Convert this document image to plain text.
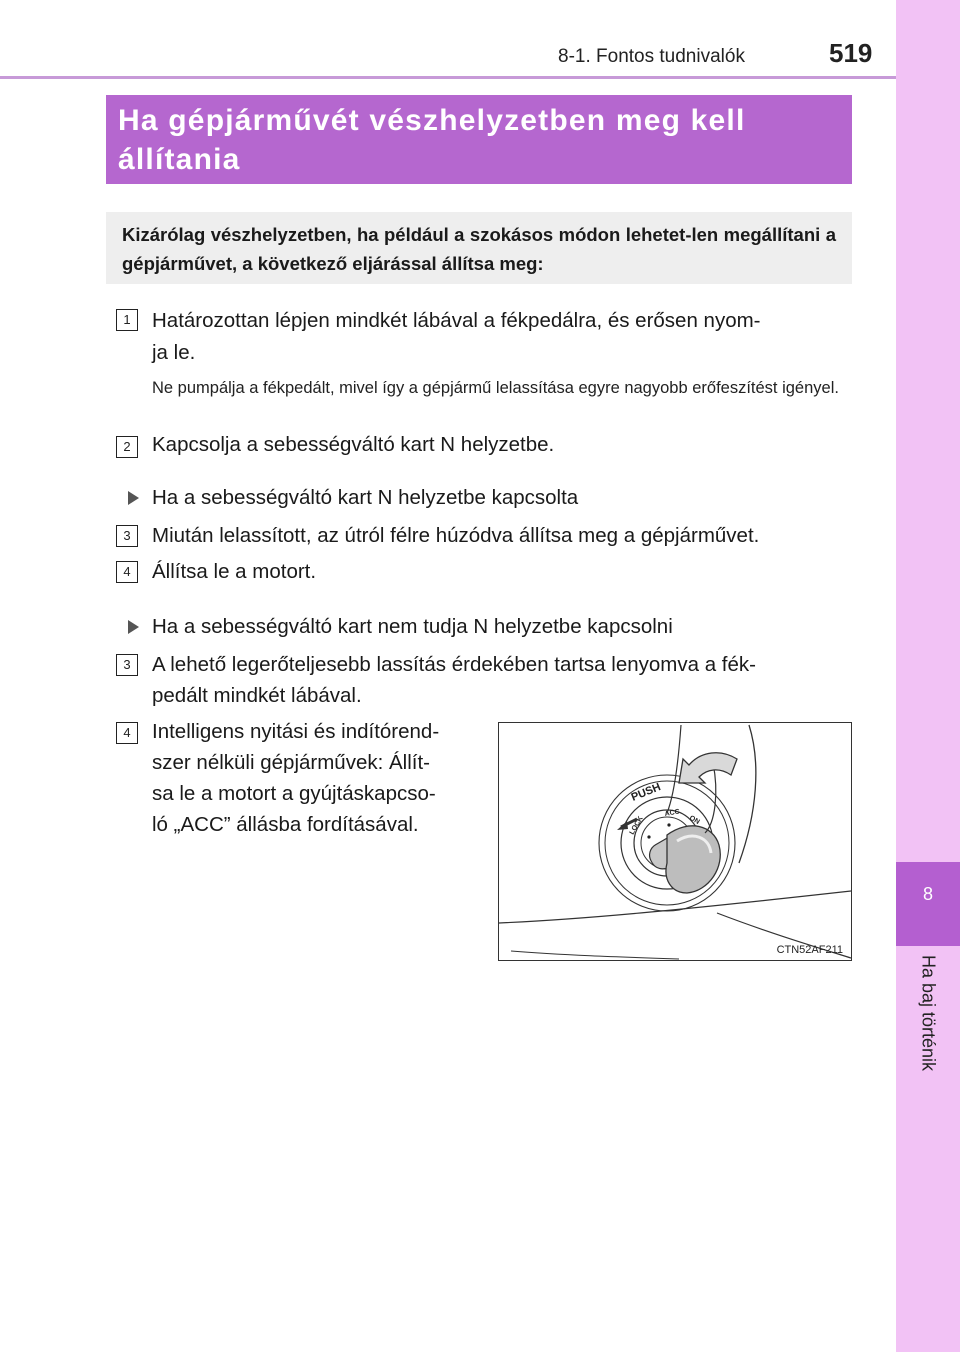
8-1. Fontos tudnivalók	519
8
Ha baj történik
Ha gépjárművét vészhelyzetben meg kell állítania
Kizárólag vészhelyzetben, ha például a szokásos módon lehetet-len megállítani a gépjárművet, a következő eljárással állítsa meg:
1	Határozottan lépjen mindkét lábával a fékpedálra, és erősen nyom-
ja le.
Ne pumpálja a fékpedált, mivel így a gépjármű lelassítása egyre nagyobb erőfeszítést igényel.
2	Kapcsolja a sebességváltó kart N helyzetbe.
Ha a sebességváltó kart N helyzetbe kapcsolta
3	Miután lelassított, az útról félre húzódva állítsa meg a gépjárművet.
4	Állítsa le a motort.
Ha a sebességváltó kart nem tudja N helyzetbe kapcsolni
3	A lehető legerőteljesebb lassítás érdekében tartsa lenyomva a fék-
pedált mindkét lábával.
4	Intelligens nyitási és indítórend-
szer nélküli gépjárművek: Állít-
sa le a motort a gyújtáskapcso-
ló „ACC” állásba fordításával.
PUSH
LOCK
ACC
ON
CTN52AF211
